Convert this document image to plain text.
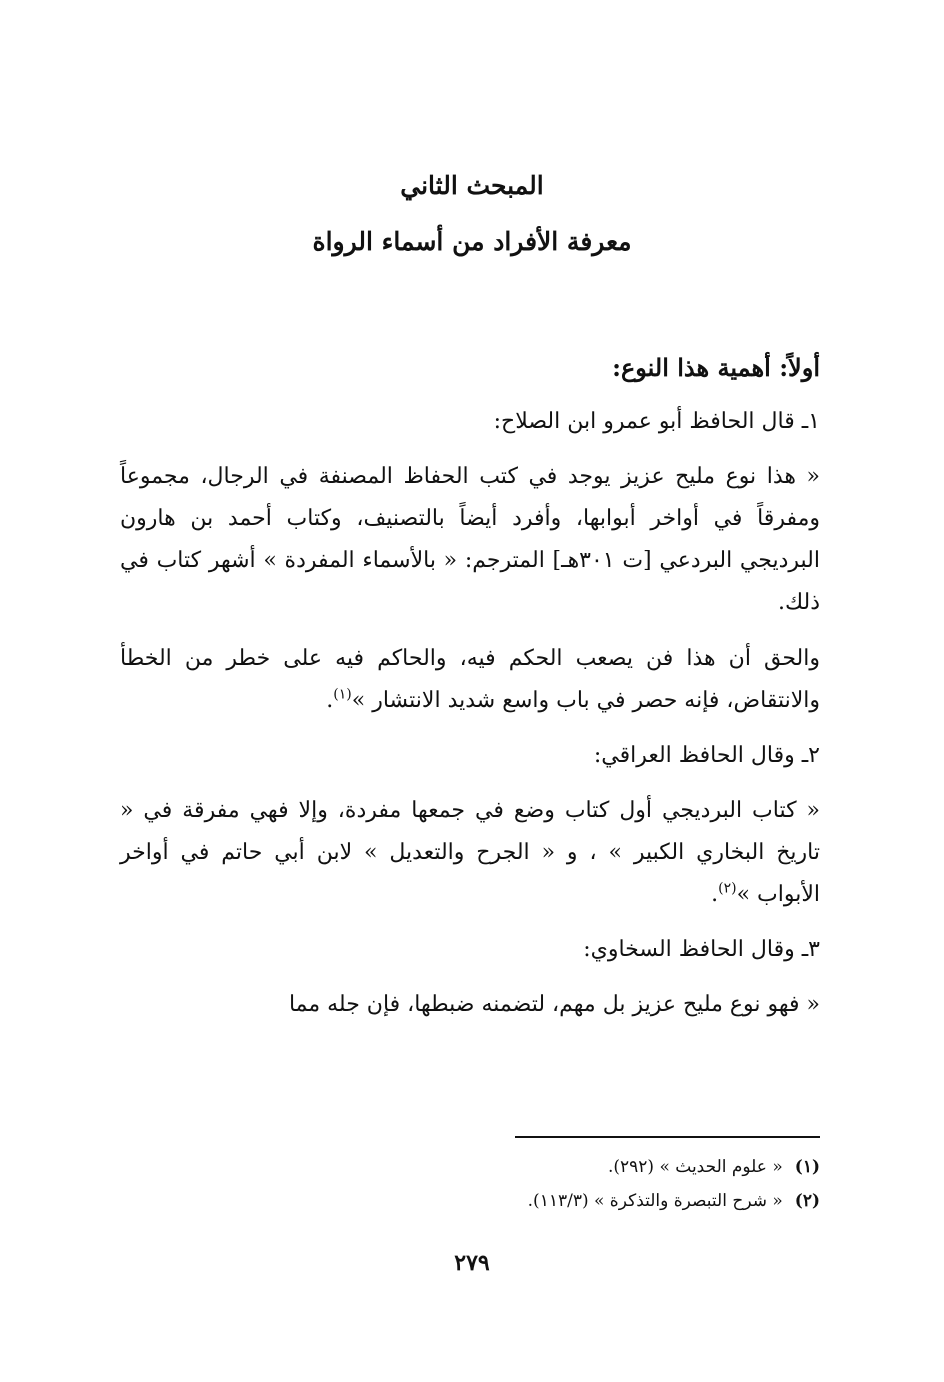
المبحث الثاني
معرفة الأفراد من أسماء الرواة
أولاً: أهمية هذا النوع:
١ـ قال الحافظ أبو عمرو ابن الصلاح:
« هذا نوع مليح عزيز يوجد في كتب الحفاظ المصنفة في الرجال، مجموعاً ومفرقاً في أواخر أبوابها، وأفرد أيضاً بالتصنيف، وكتاب أحمد بن هارون البرديجي البردعي [ت ٣٠١هـ] المترجم: « بالأسماء المفردة » أشهر كتاب في ذلك.
والحق أن هذا فن يصعب الحكم فيه، والحاكم فيه على خطر من الخطأ والانتقاض، فإنه حصر في باب واسع شديد الانتشار »$^{(١)}$.
٢ـ وقال الحافظ العراقي:
« كتاب البرديجي أول كتاب وضع في جمعها مفردة، وإلا فهي مفرقة في « تاريخ البخاري الكبير » ، و « الجرح والتعديل » لابن أبي حاتم في أواخر الأبواب »$^{(٢)}$.
٣ـ وقال الحافظ السخاوي:
« فهو نوع مليح عزيز بل مهم، لتضمنه ضبطها، فإن جله مما
(١)« علوم الحديث » (٢٩٢).
(٢)« شرح التبصرة والتذكرة » (١١٣/٣).
٢٧٩
